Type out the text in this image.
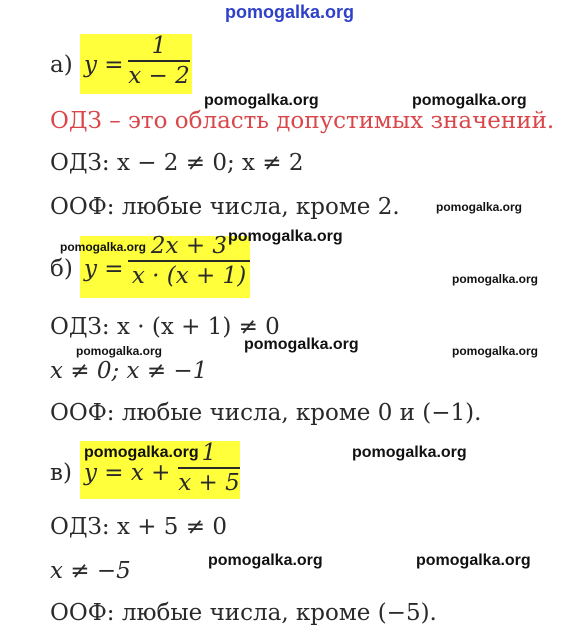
pomogalka.org
а) y =
1
x − 2
ОДЗ – это область допустимых значений.
ОДЗ: x − 2 ≠ 0; x ≠ 2
ООФ: любые числа, кроме 2.
б) y =
2x + 3
x · (x + 1)
ОДЗ: x · (x + 1) ≠ 0
x ≠ 0; x ≠ −1
ООФ: любые числа, кроме 0 и (−1).
в) y = x +
1
x + 5
ОДЗ: x + 5 ≠ 0
x ≠ −5
ООФ: любые числа, кроме (−5).
pomogalka.org	pomogalka.org
pomogalka.org
pomogalka.org
pomogalka.org
pomogalka.org
pomogalka.org
pomogalka.org	pomogalka.org
pomogalka.org	pomogalka.org
pomogalka.org	pomogalka.org
